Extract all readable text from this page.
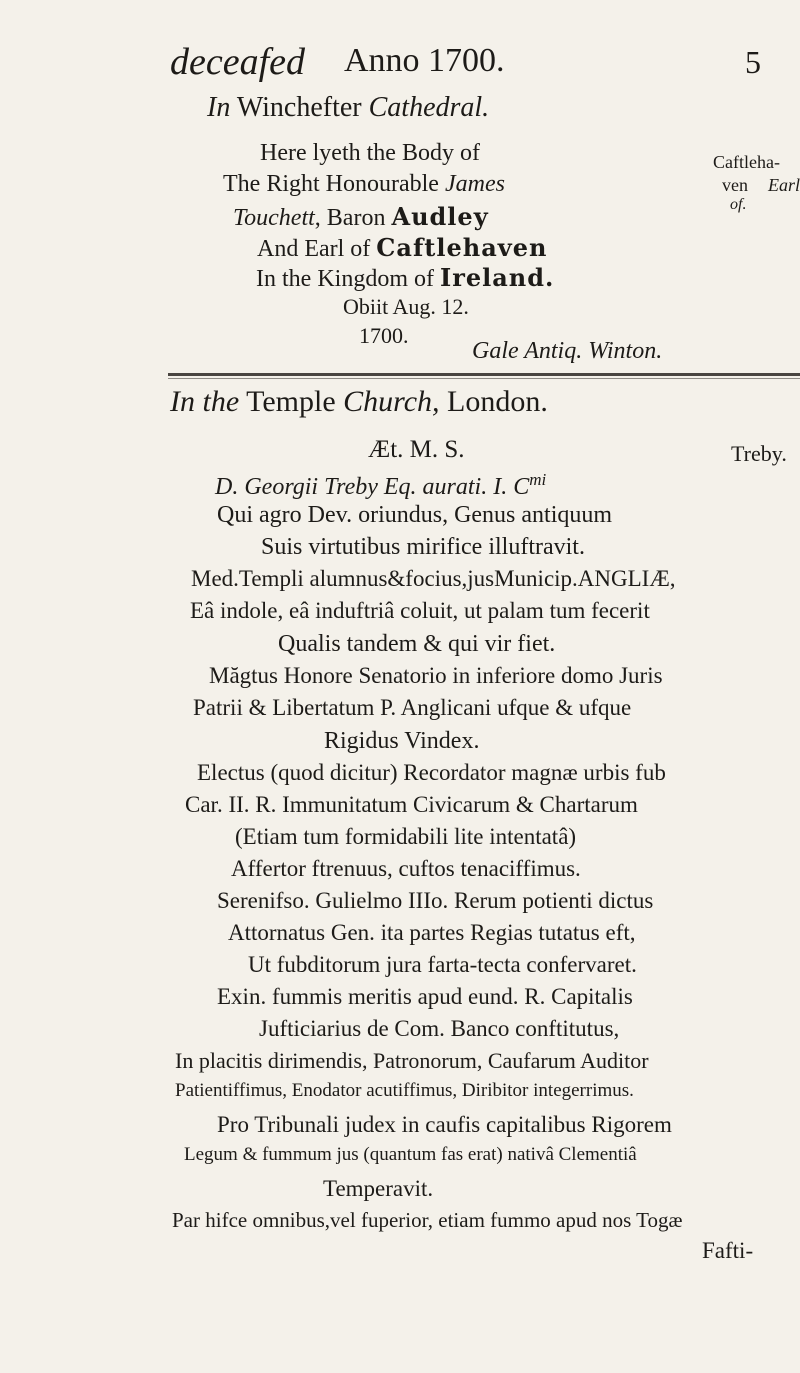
deceafed Anno 1700.	5
In Winchefter Cathedral.
Here lyeth the Body of
The Right Honourable James
Touchett, Baron Audley
And Earl of Caftlehaven
In the Kingdom of Ireland.
Obiit Aug. 12.
1700.
Gale Antiq. Winton.
Caftleha-
ven Earl
of.
In the Temple Church, London.
Treby.
Æt. M. S.
D. Georgii Treby Eq. aurati. I. $C^{mi}$
Qui agro Dev. oriundus, Genus antiquum
Suis virtutibus mirifice illuftravit.
Med.Templi alumnus&focius,jusMunicip.ANGLIÆ,
Eâ indole, eâ induftriâ coluit, ut palam tum fecerit
Qualis tandem & qui vir fiet.
Măgtus Honore Senatorio in inferiore domo Juris
Patrii & Libertatum P. Anglicani ufque & ufque
Rigidus Vindex.
Electus (quod dicitur) Recordator magnæ urbis fub
Car. II. R. Immunitatum Civicarum & Chartarum
(Etiam tum formidabili lite intentatâ)
Affertor ftrenuus, cuftos tenaciffimus.
Serenifso. Gulielmo IIIo. Rerum potienti dictus
Attornatus Gen. ita partes Regias tutatus eft,
Ut fubditorum jura farta-tecta confervaret.
Exin. fummis meritis apud eund. R. Capitalis
Jufticiarius de Com. Banco conftitutus,
In placitis dirimendis, Patronorum, Caufarum Auditor
Patientiffimus, Enodator acutiffimus, Diribitor integerrimus.
Pro Tribunali judex in caufis capitalibus Rigorem
Legum & fummum jus (quantum fas erat) nativâ Clementiâ
Temperavit.
Par hifce omnibus,vel fuperior, etiam fummo apud nos Togæ
Fafti-
